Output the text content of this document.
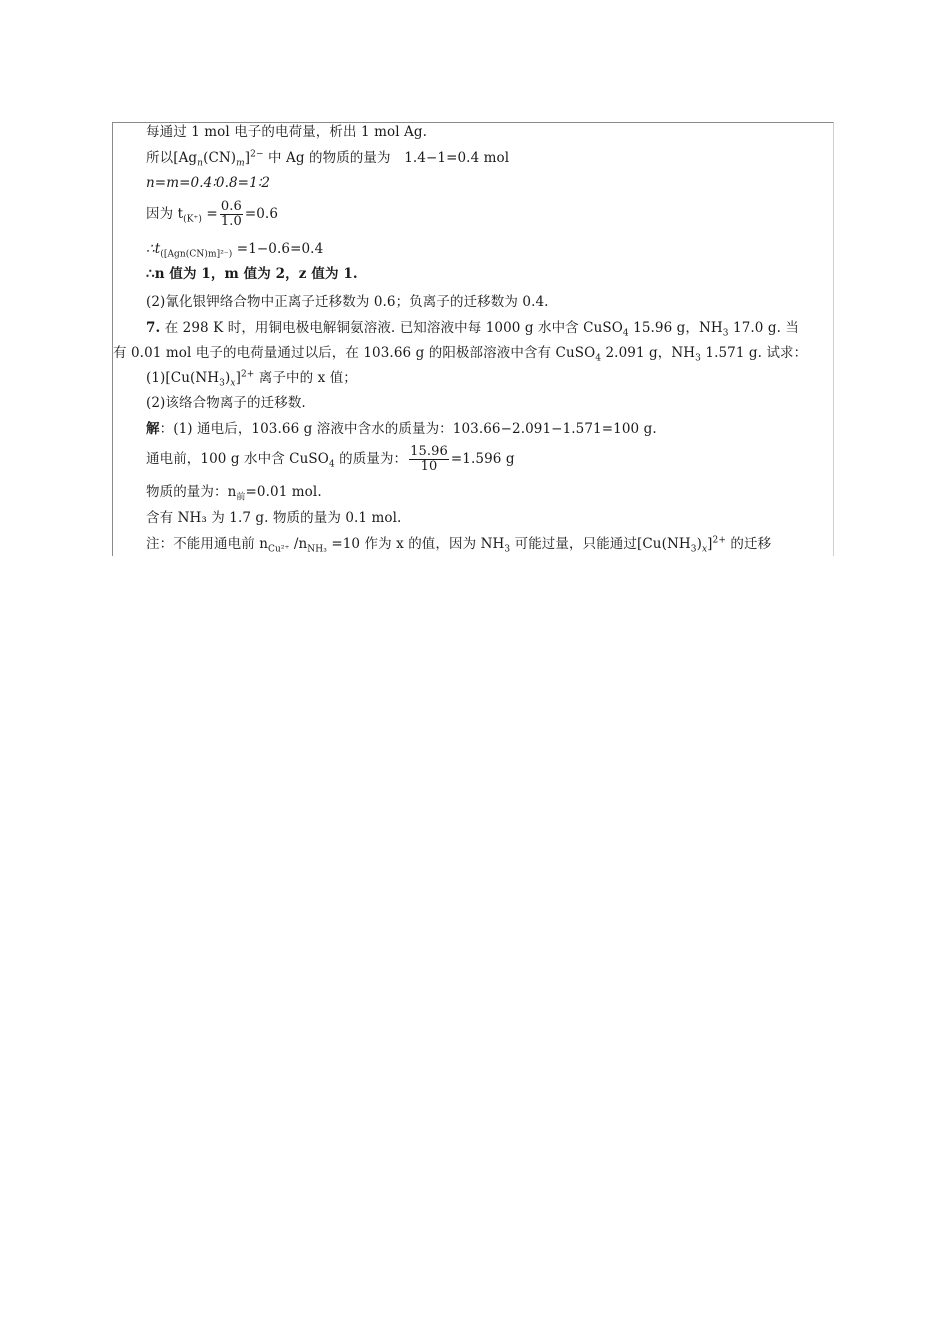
每通过 1 mol 电子的电荷量，析出 1 mol Ag.
所以$[Ag_n(CN)_m]^{2-}$ 中 Ag 的物质的量为　1.4−1=0.4 mol
n=m=0.4∶0.8=1∶2
因为 $t_{(K^+)} = \frac{0.6}{1.0} =0.6$
$\therefore t_{([Agn(CN)m]^{2-})} =1-0.6=0.4$
∴n 值为 1，m 值为 2，z 值为 1.
(2)氰化银钾络合物中正离子迁移数为 0.6；负离子的迁移数为 0.4.
7. 在 298 K 时，用铜电极电解铜氨溶液. 已知溶液中每 1000 g 水中含 CuSO$_4$ 15.96 g，$NH_3$ 17.0 g. 当
有 0.01 mol 电子的电荷量通过以后，在 103.66 g 的阳极部溶液中含有 CuSO$_4$ 2.091 g，$NH_3$ 1.571 g. 试求：
$(1)[Cu(NH_3)_x]^{2+}$ 离子中的 x 值；
(2)该络合物离子的迁移数.
解：(1) 通电后，103.66 g 溶液中含水的质量为：103.66−2.091−1.571=100 g.
通电前，100 g 水中含 CuSO$_4$ 的质量为： $\frac{15.96}{10} =1.596$ g
物质的量为：$n_前=0.01$ mol.
含有 NH₃ 为 1.7 g. 物质的量为 0.1 mol.
注：不能用通电前 $n_{Cu^{2+}}$ $/n_{NH_3} =10$ 作为 x 的值，因为 $NH_3$ 可能过量，只能通过$[Cu(NH_3)_x]^{2+}$ 的迁移
